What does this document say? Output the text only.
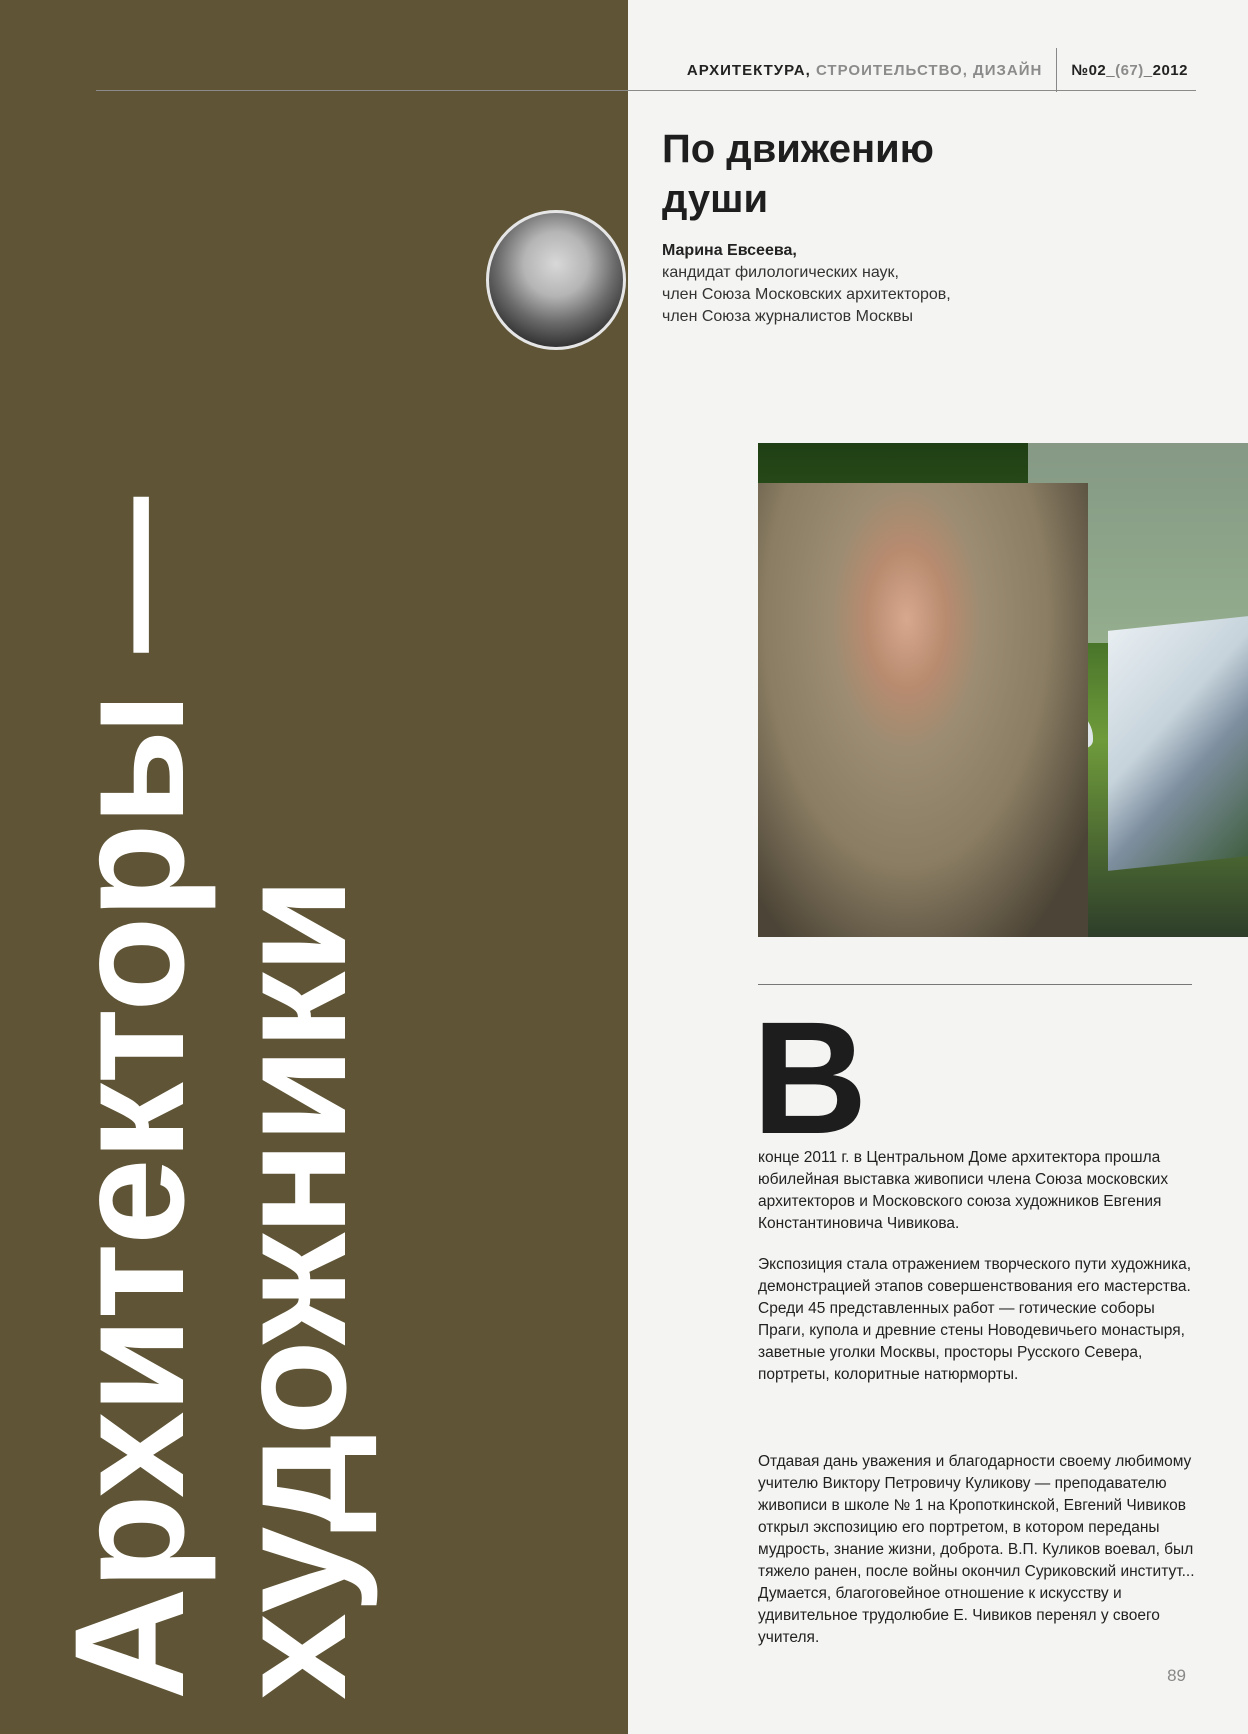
Архитекторы —
художники
АРХИТЕКТУРА,
СТРОИТЕЛЬСТВО, ДИЗАЙН №02_(67)_2012
По движению
души
Марина Евсеева,
кандидат филологических наук,
член Союза Московских архитекторов,
член Союза журналистов Москвы
В

конце 2011 г. в Центральном Доме архитектора прошла юбилейная выставка живописи члена Союза московских архитекторов и Московского союза художников Евгения Константиновича Чивикова.

Экспозиция стала отражением творческого пути художника, демонстрацией этапов совершенствования его мастерства. Среди 45 представленных работ — готические соборы Праги, купола и древние стены Новодевичьего монастыря, заветные уголки Москвы, просторы Русского Севера, портреты, колоритные натюрморты.

Отдавая дань уважения и благодарности своему любимому учителю Виктору Петровичу Куликову — преподавателю живописи в школе № 1 на Кропоткинской, Евгений Чивиков открыл экспозицию его портретом, в котором переданы мудрость, знание жизни, доброта. В.П. Куликов воевал, был тяжело ранен, после войны окончил Суриковский институт... Думается, благоговейное отношение к искусству и удивительное трудолюбие Е. Чивиков перенял у своего учителя.

89
